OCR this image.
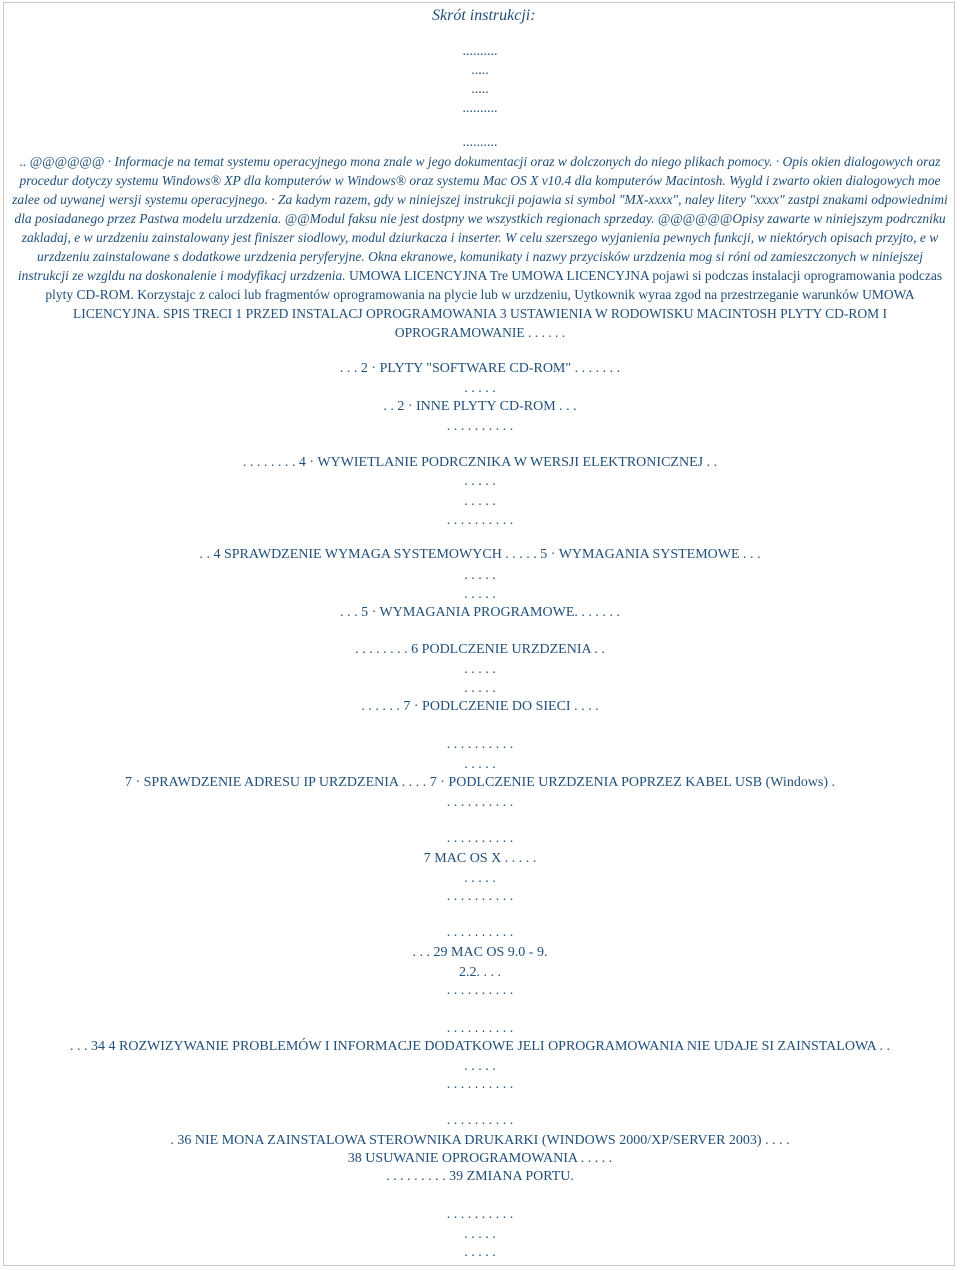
Skrót instrukcji:
..........
.....
.....
..........
..........
.. @@@@@@ · Informacje na temat systemu operacyjnego mona znale w jego dokumentacji oraz w dolczonych do niego plikach pomocy. · Opis okien dialogowych oraz procedur dotyczy systemu Windows® XP dla komputerów w Windows® oraz systemu Mac OS X v10.4 dla komputerów Macintosh. Wygld i zwarto okien dialogowych moe zalee od uywanej wersji systemu operacyjnego. · Za kadym razem, gdy w niniejszej instrukcji pojawia si symbol "MX-xxxx", naley litery "xxxx" zastpi znakami odpowiednimi dla posiadanego przez Pastwa modelu urzdzenia. @@Modul faksu nie jest dostpny we wszystkich regionach sprzeday. @@@@@@Opisy zawarte w niniejszym podrczniku zakladaj, e w urzdzeniu zainstalowany jest finiszer siodlowy, modul dziurkacza i inserter. W celu szerszego wyjanienia pewnych funkcji, w niektórych opisach przyjto, e w urzdzeniu zainstalowane s dodatkowe urzdzenia peryferyjne. Okna ekranowe, komunikaty i nazwy przycisków urzdzenia mog si róni od zamieszczonych w niniejszej instrukcji ze wzgldu na doskonalenie i modyfikacj urzdzenia. UMOWA LICENCYJNA Tre UMOWA LICENCYJNA pojawi si podczas instalacji oprogramowania podczas plyty CD-ROM. Korzystajc z caloci lub fragmentów oprogramowania na plycie lub w urzdzeniu, Uytkownik wyraa zgod na przestrzeganie warunków UMOWA LICENCYJNA. SPIS TRECI 1 PRZED INSTALACJ OPROGRAMOWANIA 3 USTAWIENIA W RODOWISKU MACINTOSH PLYTY CD-ROM I OPROGRAMOWANIE . . . . . .
. . . 2 · PLYTY "SOFTWARE CD-ROM" . . . . . . .
. . . . .
. . 2 · INNE PLYTY CD-ROM . . .
. . . . . . . . . .
. . . . . . . . 4 · WYWIETLANIE PODRCZNIKA W WERSJI ELEKTRONICZNEJ . .
. . . . .
. . . . .
. . . . . . . . . .
. . 4 SPRAWDZENIE WYMAGA SYSTEMOWYCH . . . . . 5 · WYMAGANIA SYSTEMOWE . . .
. . . . .
. . . . .
. . . 5 · WYMAGANIA PROGRAMOWE. . . . . . .
. . . . . . . . 6 PODLCZENIE URZDZENIA . .
. . . . .
. . . . .
. . . . . . 7 · PODLCZENIE DO SIECI . . . .
. . . . . . . . . .
. . . . .
7 · SPRAWDZENIE ADRESU IP URZDZENIA . . . . 7 · PODLCZENIE URZDZENIA POPRZEZ KABEL USB (Windows) .
. . . . . . . . . .
. . . . . . . . . .
7 MAC OS X . . . . .
. . . . .
. . . . . . . . . .
. . . . . . . . . .
. . . 29 MAC OS 9.0 - 9.
2.2. . . .
. . . . . . . . . .
. . . . . . . . . .
. . . 34 4 ROZWIZYWANIE PROBLEMÓW I INFORMACJE DODATKOWE JELI OPROGRAMOWANIA NIE UDAJE SI ZAINSTALOWA . .
. . . . .
. . . . . . . . . .
. . . . . . . . . .
. 36 NIE MONA ZAINSTALOWA STEROWNIKA DRUKARKI (WINDOWS 2000/XP/SERVER 2003) . . . .
38 USUWANIE OPROGRAMOWANIA . . . . .
. . . . . . . . . 39 ZMIANA PORTU.
. . . . . . . . . .
. . . . .
. . . . .
